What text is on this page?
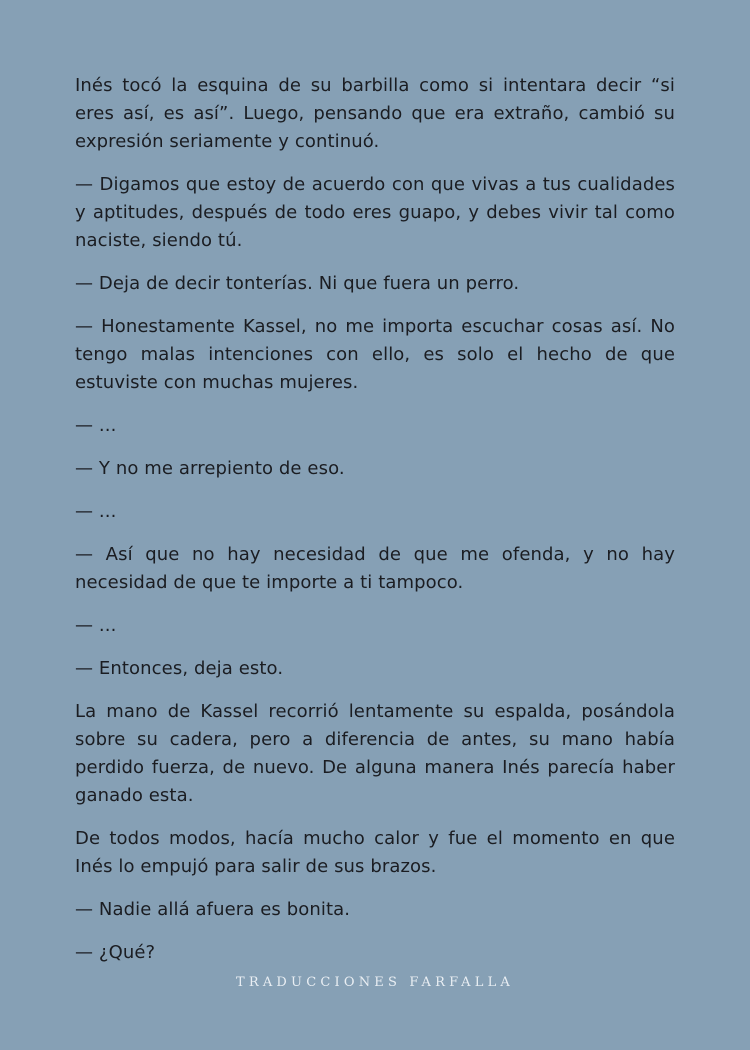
Inés tocó la esquina de su barbilla como si intentara decir “si eres así, es así”. Luego, pensando que era extraño, cambió su expresión seriamente y continuó.

— Digamos que estoy de acuerdo con que vivas a tus cualidades y aptitudes, después de todo eres guapo, y debes vivir tal como naciste, siendo tú.

— Deja de decir tonterías. Ni que fuera un perro.

— Honestamente Kassel, no me importa escuchar cosas así. No tengo malas intenciones con ello, es solo el hecho de que estuviste con muchas mujeres.

— ...

— Y no me arrepiento de eso.

— ...

— Así que no hay necesidad de que me ofenda, y no hay necesidad de que te importe a ti tampoco.

— ...

— Entonces, deja esto.

La mano de Kassel recorrió lentamente su espalda, posándola sobre su cadera, pero a diferencia de antes, su mano había perdido fuerza, de nuevo. De alguna manera Inés parecía haber ganado esta.

De todos modos, hacía mucho calor y fue el momento en que Inés lo empujó para salir de sus brazos.

— Nadie allá afuera es bonita.

— ¿Qué?

TRADUCCIONES FARFALLA
